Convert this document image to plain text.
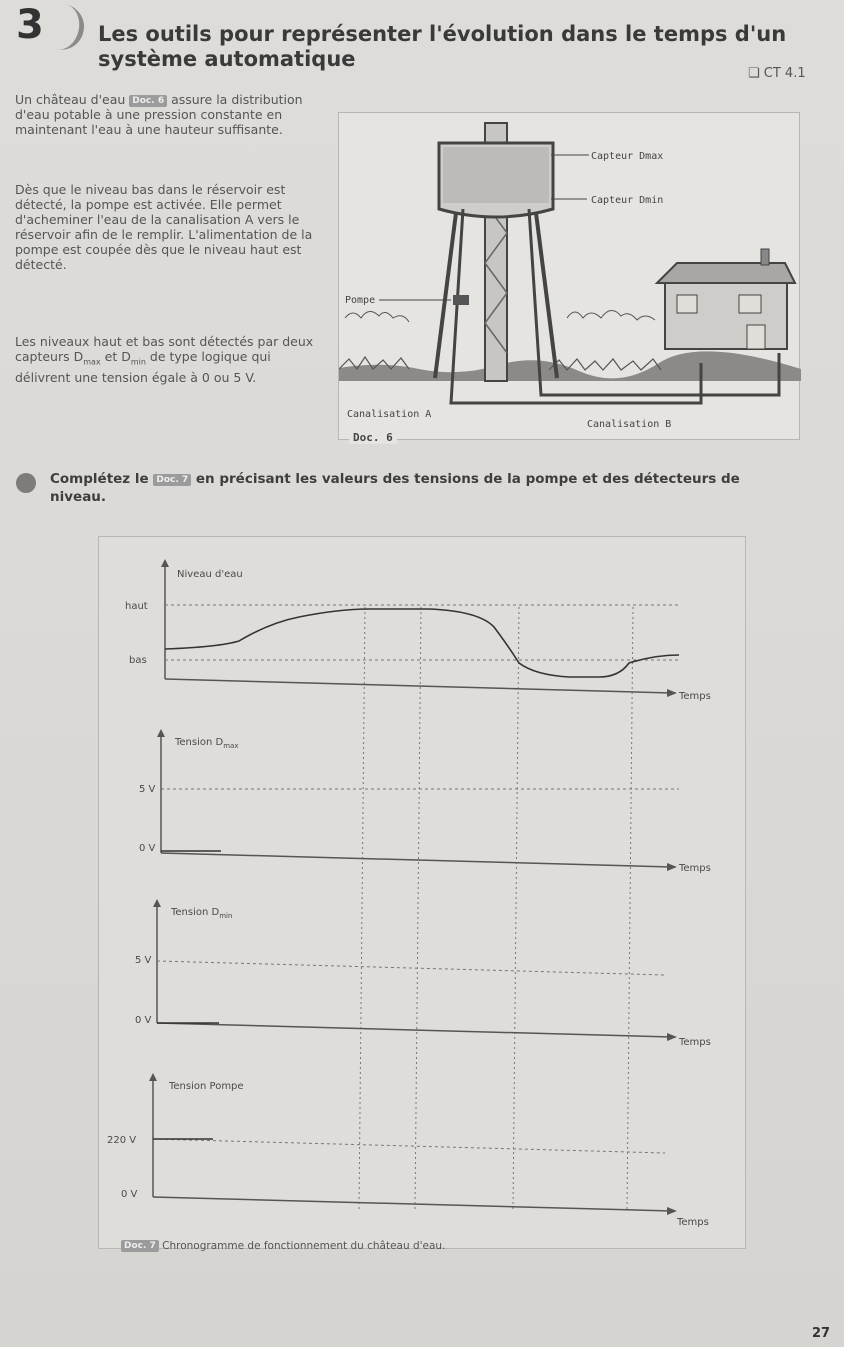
3	Les outils pour représenter l'évolution dans le temps d'un système automatique
❏ CT 4.1
Un château d'eau Doc. 6 assure la distribution d'eau potable à une pression constante en maintenant l'eau à une hauteur suffisante.
Dès que le niveau bas dans le réservoir est détecté, la pompe est activée. Elle permet d'acheminer l'eau de la canalisation A vers le réservoir afin de le remplir. L'alimentation de la pompe est coupée dès que le niveau haut est détecté.
Les niveaux haut et bas sont détectés par deux capteurs $D_{max}$ et $D_{min}$ de type logique qui délivrent une tension égale à 0 ou 5 V.
Capteur Dmax
Capteur Dmin
Pompe
Canalisation A
Canalisation B
Doc. 6
Complétez le Doc. 7 en précisant les valeurs des tensions de la pompe et des détecteurs de niveau.
Niveau d'eau
haut
bas
Temps
Tension $D_{max}$
5 V
0 V
Temps
Tension $D_{min}$
5 V
0 V
Temps
Tension Pompe
220 V
0 V
Temps
Doc. 7 Chronogramme de fonctionnement du château d'eau.
27
